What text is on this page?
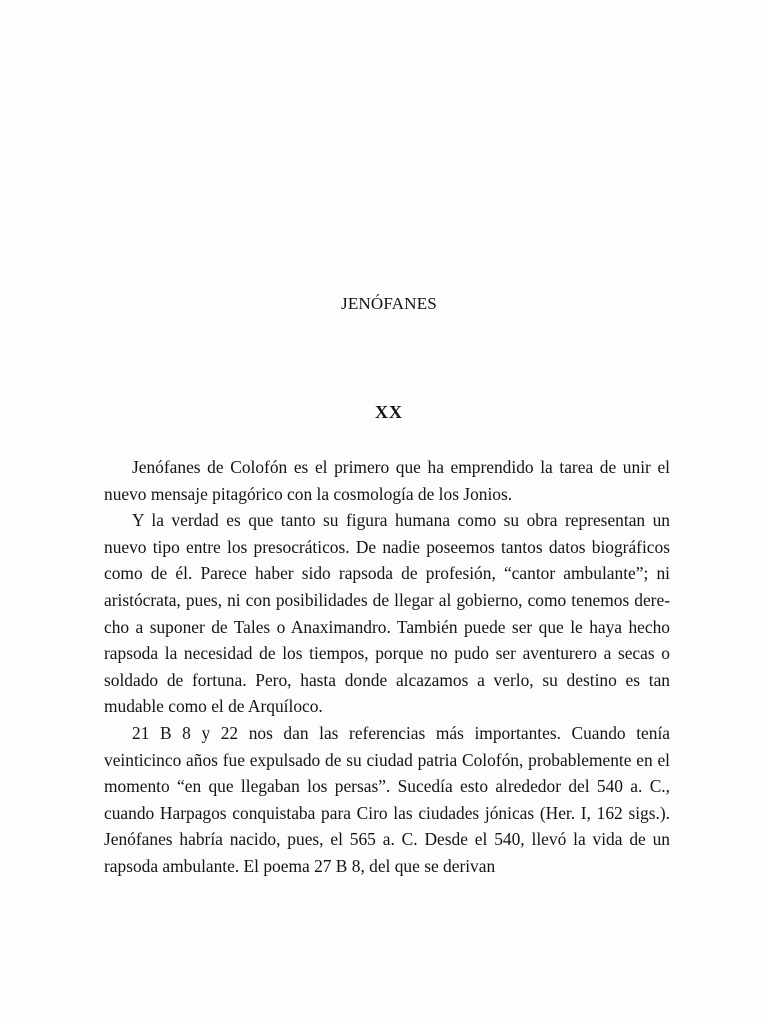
JENÓFANES
XX

Jenófanes de Colofón es el primero que ha emprendido la tarea de unir el nuevo mensaje pitagórico con la cosmología de los Jonios.

Y la verdad es que tanto su figura humana como su obra representan un nuevo tipo entre los presocráticos. De nadie poseemos tantos datos biográficos como de él. Parece haber sido rapsoda de profesión, “cantor ambulante”; ni aristócrata, pues, ni con posibilidades de llegar al gobierno, como tenemos derecho a suponer de Tales o Anaximandro. También puede ser que le haya hecho rapsoda la necesidad de los tiempos, porque no pudo ser aventurero a secas o soldado de fortuna. Pero, hasta donde alcazamos a verlo, su destino es tan mudable como el de Arquíloco.

21 B 8 y 22 nos dan las referencias más importantes. Cuando tenía veinticinco años fue expulsado de su ciudad patria Colofón, probablemente en el momento “en que llegaban los persas”. Sucedía esto alrededor del 540 a. C., cuando Harpagos conquistaba para Ciro las ciudades jónicas (Her. I, 162 sigs.). Jenófanes habría nacido, pues, el 565 a. C. Desde el 540, llevó la vida de un rapsoda ambulante. El poema 27 B 8, del que se derivan
